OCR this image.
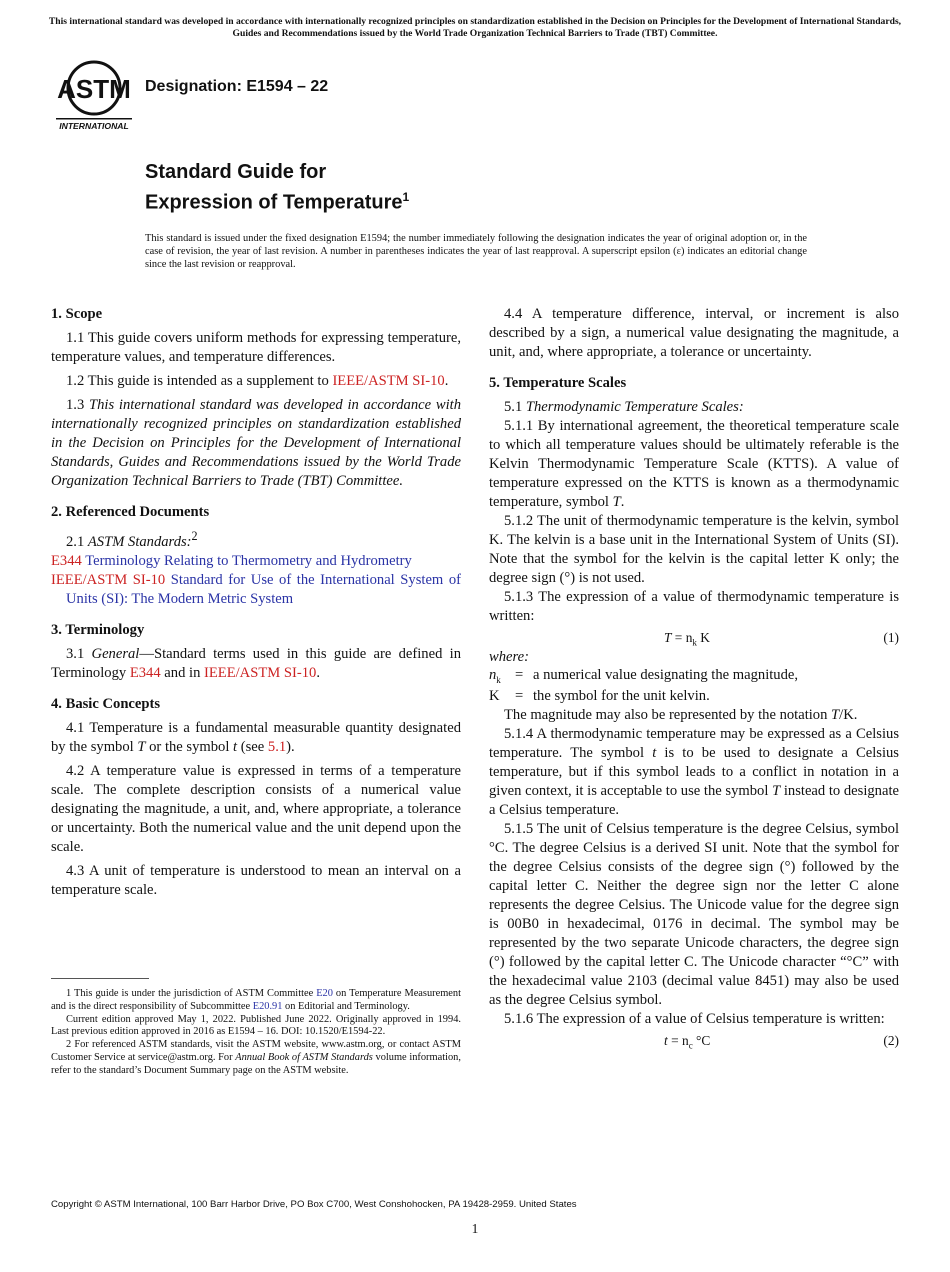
This international standard was developed in accordance with internationally recognized principles on standardization established in the Decision on Principles for the Development of International Standards, Guides and Recommendations issued by the World Trade Organization Technical Barriers to Trade (TBT) Committee.
ASTM
INTERNATIONAL
Designation: E1594 – 22
Standard Guide for
Expression of Temperature$^1$
This standard is issued under the fixed designation E1594; the number immediately following the designation indicates the year of original adoption or, in the case of revision, the year of last revision. A number in parentheses indicates the year of last reapproval. A superscript epsilon (ε) indicates an editorial change since the last revision or reapproval.
1. Scope

1.1 This guide covers uniform methods for expressing temperature, temperature values, and temperature differences.

1.2 This guide is intended as a supplement to IEEE/ASTM SI-10.

1.3 This international standard was developed in accordance with internationally recognized principles on standardization established in the Decision on Principles for the Development of International Standards, Guides and Recommendations issued by the World Trade Organization Technical Barriers to Trade (TBT) Committee.

2. Referenced Documents

2.1 ASTM Standards:$^2$

E344 Terminology Relating to Thermometry and Hydrometry

IEEE/ASTM SI-10 Standard for Use of the International System of Units (SI): The Modern Metric System

3. Terminology

3.1 General—Standard terms used in this guide are defined in Terminology E344 and in IEEE/ASTM SI-10.

4. Basic Concepts

4.1 Temperature is a fundamental measurable quantity designated by the symbol T or the symbol t (see 5.1).

4.2 A temperature value is expressed in terms of a temperature scale. The complete description consists of a numerical value designating the magnitude, a unit, and, where appropriate, a tolerance or uncertainty. Both the numerical value and the unit depend upon the scale.

4.3 A unit of temperature is understood to mean an interval on a temperature scale.

1 This guide is under the jurisdiction of ASTM Committee E20 on Temperature Measurement and is the direct responsibility of Subcommittee E20.91 on Editorial and Terminology.

Current edition approved May 1, 2022. Published June 2022. Originally approved in 1994. Last previous edition approved in 2016 as E1594 – 16. DOI: 10.1520/E1594-22.

2 For referenced ASTM standards, visit the ASTM website, www.astm.org, or contact ASTM Customer Service at service@astm.org. For Annual Book of ASTM Standards volume information, refer to the standard’s Document Summary page on the ASTM website.

4.4 A temperature difference, interval, or increment is also described by a sign, a numerical value designating the magnitude, a unit, and, where appropriate, a tolerance or uncertainty.

5. Temperature Scales

5.1 Thermodynamic Temperature Scales:

5.1.1 By international agreement, the theoretical temperature scale to which all temperature values should be ultimately referable is the Kelvin Thermodynamic Temperature Scale (KTTS). A value of temperature expressed on the KTTS is known as a thermodynamic temperature, symbol T.

5.1.2 The unit of thermodynamic temperature is the kelvin, symbol K. The kelvin is a base unit in the International System of Units (SI). Note that the symbol for the kelvin is the capital letter K only; the degree sign (°) is not used.

5.1.3 The expression of a value of thermodynamic temperature is written:

$T = n_k$ K	(1)

where:

$n_k = a$ numerical value designating the magnitude,
K	= the symbol for the unit kelvin.

The magnitude may also be represented by the notation T/K.

5.1.4 A thermodynamic temperature may be expressed as a Celsius temperature. The symbol t is to be used to designate a Celsius temperature, but if this symbol leads to a conflict in notation in a given context, it is acceptable to use the symbol T instead to designate a Celsius temperature.

5.1.5 The unit of Celsius temperature is the degree Celsius, symbol °C. The degree Celsius is a derived SI unit. Note that the symbol for the degree Celsius consists of the degree sign (°) followed by the capital letter C. Neither the degree sign nor the letter C alone represents the degree Celsius. The Unicode value for the degree sign is 00B0 in hexadecimal, 0176 in decimal. The symbol may be represented by the two separate Unicode characters, the degree sign (°) followed by the capital letter C. The Unicode character “°C” with the hexadecimal value 2103 (decimal value 8451) may also be used as the degree Celsius symbol.

5.1.6 The expression of a value of Celsius temperature is written:

$t = n_c$ °C	(2)
Copyright © ASTM International, 100 Barr Harbor Drive, PO Box C700, West Conshohocken, PA 19428-2959. United States
1
